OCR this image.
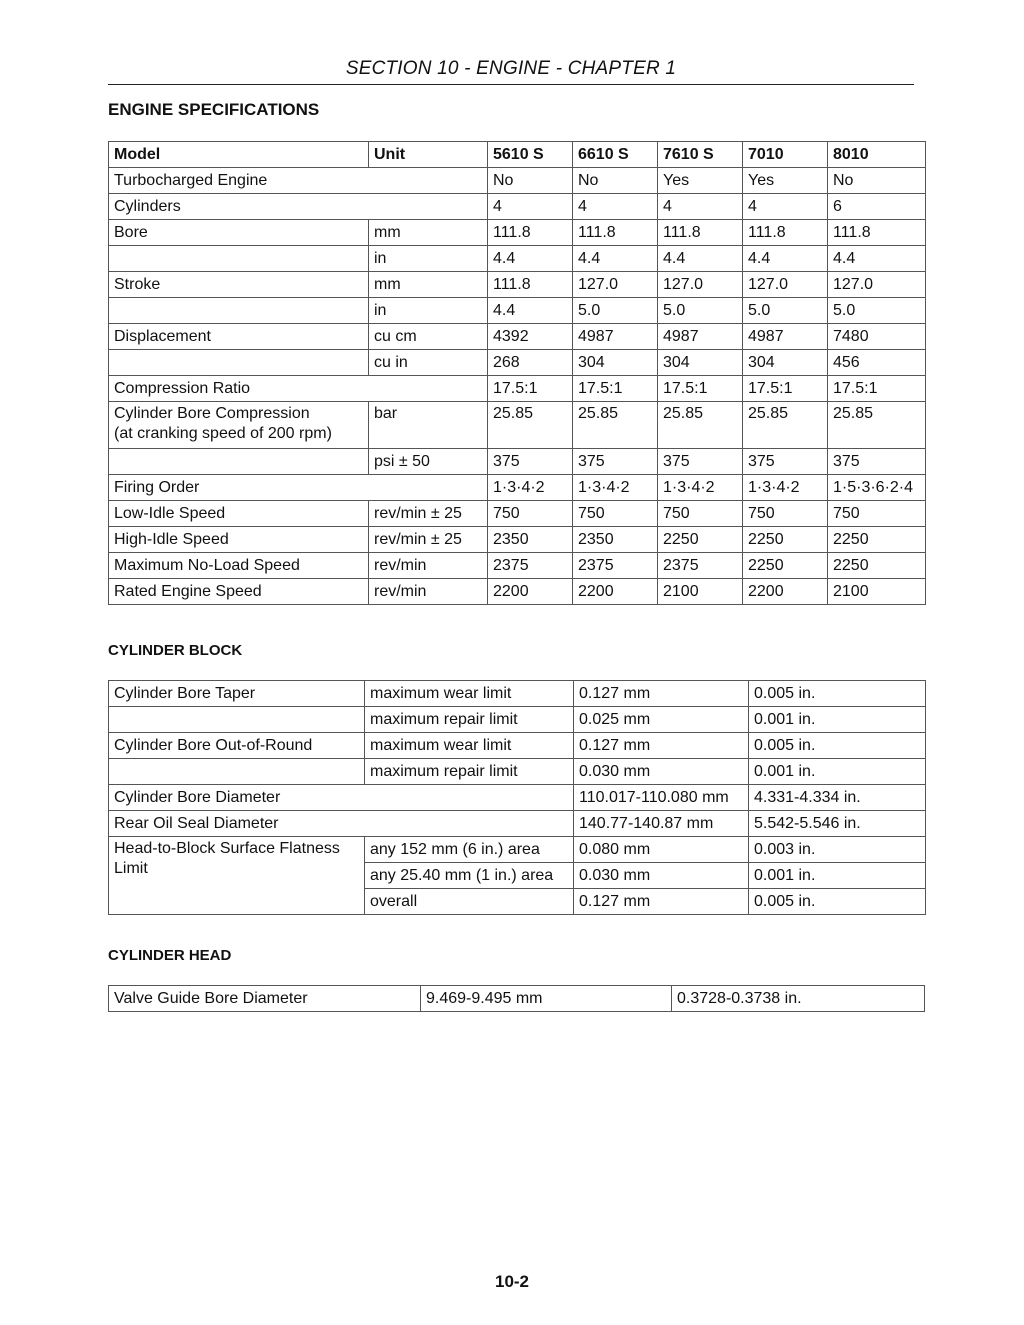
SECTION 10 - ENGINE - CHAPTER 1
ENGINE SPECIFICATIONS
Model	Unit	5610 S	6610 S	7610 S	7010	8010
Turbocharged Engine		No	No	Yes	Yes	No
Cylinders		4	4	4	4	6
Bore	mm	111.8	111.8	111.8	111.8	111.8
	in	4.4	4.4	4.4	4.4	4.4
Stroke	mm	111.8	127.0	127.0	127.0	127.0
	in	4.4	5.0	5.0	5.0	5.0
Displacement	cu cm	4392	4987	4987	4987	7480
	cu in	268	304	304	304	456
Compression Ratio		17.5:1	17.5:1	17.5:1	17.5:1	17.5:1

Cylinder Bore Compression
(at cranking speed of 200 rpm)	bar	25.85	25.85	25.85	25.85	25.85
	psi ± 50	375	375	375	375	375
Firing Order		1·3·4·2	1·3·4·2	1·3·4·2	1·3·4·2	1·5·3·6·2·4
Low-Idle Speed	rev/min ± 25	750	750	750	750	750
High-Idle Speed	rev/min ± 25	2350	2350	2250	2250	2250
Maximum No-Load Speed	rev/min	2375	2375	2375	2250	2250
Rated Engine Speed	rev/min	2200	2200	2100	2200	2100
CYLINDER BLOCK
Cylinder Bore Taper	maximum wear limit	0.127 mm	0.005 in.
	maximum repair limit	0.025 mm	0.001 in.
Cylinder Bore Out-of-Round	maximum wear limit	0.127 mm	0.005 in.
	maximum repair limit	0.030 mm	0.001 in.
Cylinder Bore Diameter		110.017-110.080 mm	4.331-4.334 in.
Rear Oil Seal Diameter		140.77-140.87 mm	5.542-5.546 in.
Head-to-Block Surface Flatness Limit	any 152 mm (6 in.) area	0.080 mm	0.003 in.
	any 25.40 mm (1 in.) area	0.030 mm	0.001 in.
	overall	0.127 mm	0.005 in.
CYLINDER HEAD
Valve Guide Bore Diameter	9.469-9.495 mm	0.3728-0.3738 in.
10-2
